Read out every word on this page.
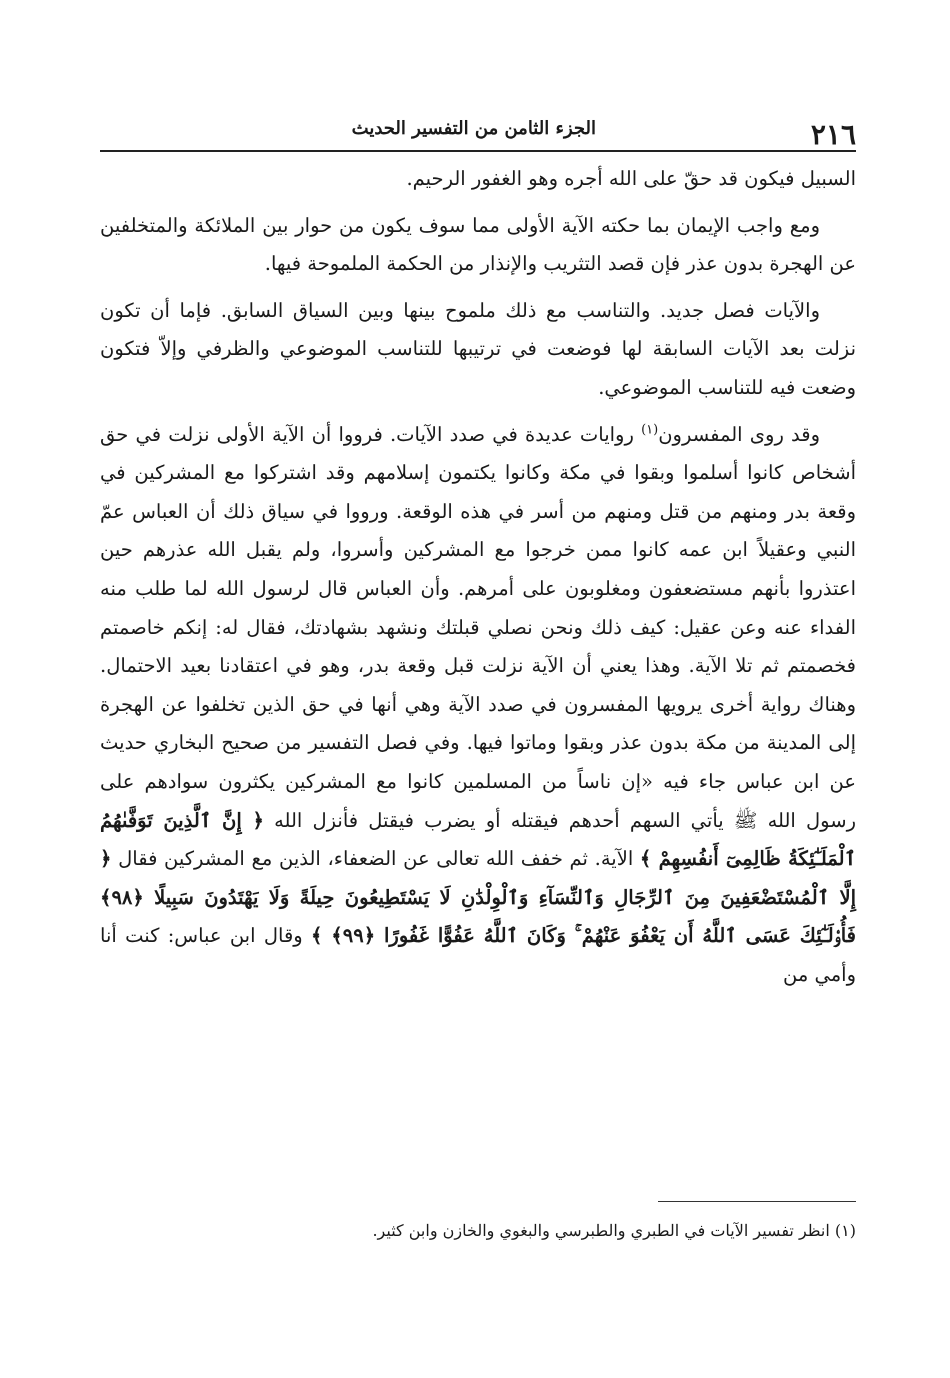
٢١٦
الجزء الثامن من التفسير الحديث

السبيل فيكون قد حقّ على الله أجره وهو الغفور الرحيم.

ومع واجب الإيمان بما حكته الآية الأولى مما سوف يكون من حوار بين الملائكة والمتخلفين عن الهجرة بدون عذر فإن قصد التثريب والإنذار من الحكمة الملموحة فيها.

والآيات فصل جديد. والتناسب مع ذلك ملموح بينها وبين السياق السابق. فإما أن تكون نزلت بعد الآيات السابقة لها فوضعت في ترتيبها للتناسب الموضوعي والظرفي وإلاّ فتكون وضعت فيه للتناسب الموضوعي.

وقد روى المفسرون$^{(١)}$ روايات عديدة في صدد الآيات. فرووا أن الآية الأولى نزلت في حق أشخاص كانوا أسلموا وبقوا في مكة وكانوا يكتمون إسلامهم وقد اشتركوا مع المشركين في وقعة بدر ومنهم من قتل ومنهم من أسر في هذه الوقعة. ورووا في سياق ذلك أن العباس عمّ النبي وعقيلاً ابن عمه كانوا ممن خرجوا مع المشركين وأسروا، ولم يقبل الله عذرهم حين اعتذروا بأنهم مستضعفون ومغلوبون على أمرهم. وأن العباس قال لرسول الله لما طلب منه الفداء عنه وعن عقيل: كيف ذلك ونحن نصلي قبلتك ونشهد بشهادتك، فقال له: إنكم خاصمتم فخصمتم ثم تلا الآية. وهذا يعني أن الآية نزلت قبل وقعة بدر، وهو في اعتقادنا بعيد الاحتمال. وهناك رواية أخرى يرويها المفسرون في صدد الآية وهي أنها في حق الذين تخلفوا عن الهجرة إلى المدينة من مكة بدون عذر وبقوا وماتوا فيها. وفي فصل التفسير من صحيح البخاري حديث عن ابن عباس جاء فيه «إن ناساً من المسلمين كانوا مع المشركين يكثرون سوادهم على رسول الله ﷺ يأتي السهم أحدهم فيقتله أو يضرب فيقتل فأنزل الله ﴿ إِنَّ ٱلَّذِينَ تَوَفَّىٰهُمُ ٱلْمَلَـٰٓئِكَةُ ظَالِمِىٓ أَنفُسِهِمْ ﴾ الآية. ثم خفف الله تعالى عن الضعفاء، الذين مع المشركين فقال ﴿ إِلَّا ٱلْمُسْتَضْعَفِينَ مِنَ ٱلرِّجَالِ وَٱلنِّسَآءِ وَٱلْوِلْدَٰنِ لَا يَسْتَطِيعُونَ حِيلَةً وَلَا يَهْتَدُونَ سَبِيلًا ﴿٩٨﴾ فَأُو۟لَـٰٓئِكَ عَسَى ٱللَّهُ أَن يَعْفُوَ عَنْهُمْ ۚ وَكَانَ ٱللَّهُ عَفُوًّا غَفُورًا ﴿٩٩﴾ ﴾ وقال ابن عباس: كنت أنا وأمي من

(١) انظر تفسير الآيات في الطبري والطبرسي والبغوي والخازن وابن كثير.
